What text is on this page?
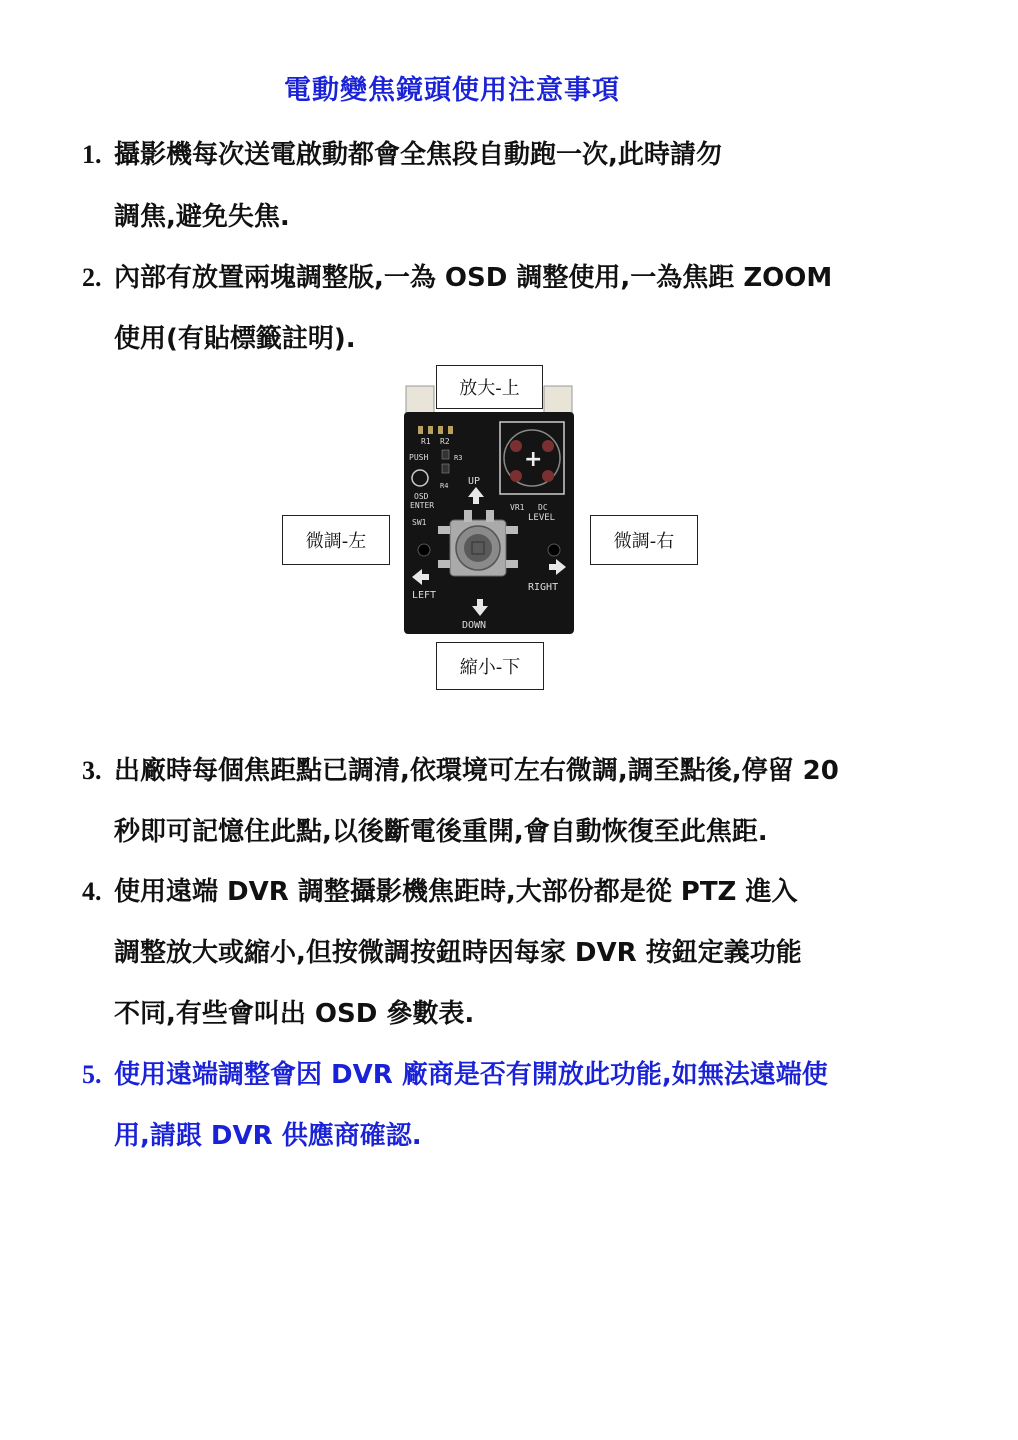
電動變焦鏡頭使用注意事項
1. 攝影機每次送電啟動都會全焦段自動跑一次,此時請勿
調焦,避免失焦.
2. 內部有放置兩塊調整版,一為 OSD 調整使用,一為焦距 ZOOM
使用(有貼標籤註明).
放大-上
微調-左	微調-右
縮小-下
R1 R2
PUSH	R3
OSD
ENTER
R4
+
VR1 DC
LEVEL
UP
SW1
LEFT
RIGHT
DOWN
3. 出廠時每個焦距點已調清,依環境可左右微調,調至點後,停留 20
秒即可記憶住此點,以後斷電後重開,會自動恢復至此焦距.
4. 使用遠端 DVR 調整攝影機焦距時,大部份都是從 PTZ 進入
調整放大或縮小,但按微調按鈕時因每家 DVR 按鈕定義功能
不同,有些會叫出 OSD 參數表.
5. 使用遠端調整會因 DVR 廠商是否有開放此功能,如無法遠端使
用,請跟 DVR 供應商確認.
